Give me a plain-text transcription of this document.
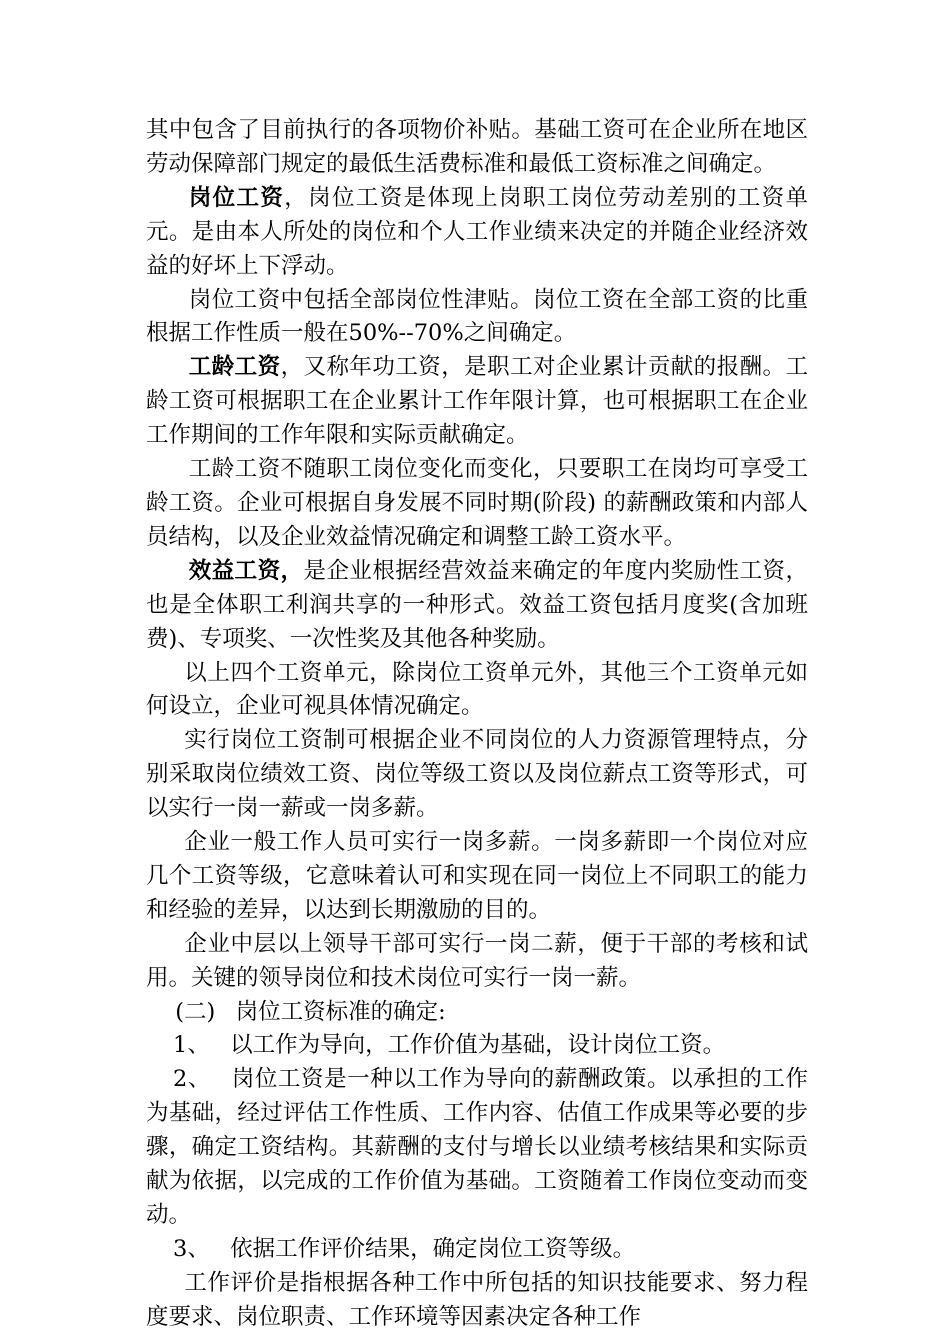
其中包含了目前执行的各项物价补贴。基础工资可在企业所在地区劳动保障部门规定的最低生活费标准和最低工资标准之间确定。

岗位工资，岗位工资是体现上岗职工岗位劳动差别的工资单元。是由本人所处的岗位和个人工作业绩来决定的并随企业经济效益的好坏上下浮动。

岗位工资中包括全部岗位性津贴。岗位工资在全部工资的比重根据工作性质一般在50%--70%之间确定。

工龄工资，又称年功工资，是职工对企业累计贡献的报酬。工龄工资可根据职工在企业累计工作年限计算，也可根据职工在企业工作期间的工作年限和实际贡献确定。

工龄工资不随职工岗位变化而变化，只要职工在岗均可享受工龄工资。企业可根据自身发展不同时期(阶段) 的薪酬政策和内部人员结构，以及企业效益情况确定和调整工龄工资水平。

效益工资，是企业根据经营效益来确定的年度内奖励性工资，也是全体职工利润共享的一种形式。效益工资包括月度奖(含加班费)、专项奖、一次性奖及其他各种奖励。

以上四个工资单元，除岗位工资单元外，其他三个工资单元如何设立，企业可视具体情况确定。

实行岗位工资制可根据企业不同岗位的人力资源管理特点，分别采取岗位绩效工资、岗位等级工资以及岗位薪点工资等形式，可以实行一岗一薪或一岗多薪。

企业一般工作人员可实行一岗多薪。一岗多薪即一个岗位对应几个工资等级，它意味着认可和实现在同一岗位上不同职工的能力和经验的差异，以达到长期激励的目的。

企业中层以上领导干部可实行一岗二薪，便于干部的考核和试用。关键的领导岗位和技术岗位可实行一岗一薪。

(二) 岗位工资标准的确定:

1、 以工作为导向，工作价值为基础，设计岗位工资。

2、 岗位工资是一种以工作为导向的薪酬政策。以承担的工作为基础，经过评估工作性质、工作内容、估值工作成果等必要的步骤，确定工资结构。其薪酬的支付与增长以业绩考核结果和实际贡献为依据，以完成的工作价值为基础。工资随着工作岗位变动而变动。

3、 依据工作评价结果，确定岗位工资等级。

工作评价是指根据各种工作中所包括的知识技能要求、努力程度要求、岗位职责、工作环境等因素决定各种工作
